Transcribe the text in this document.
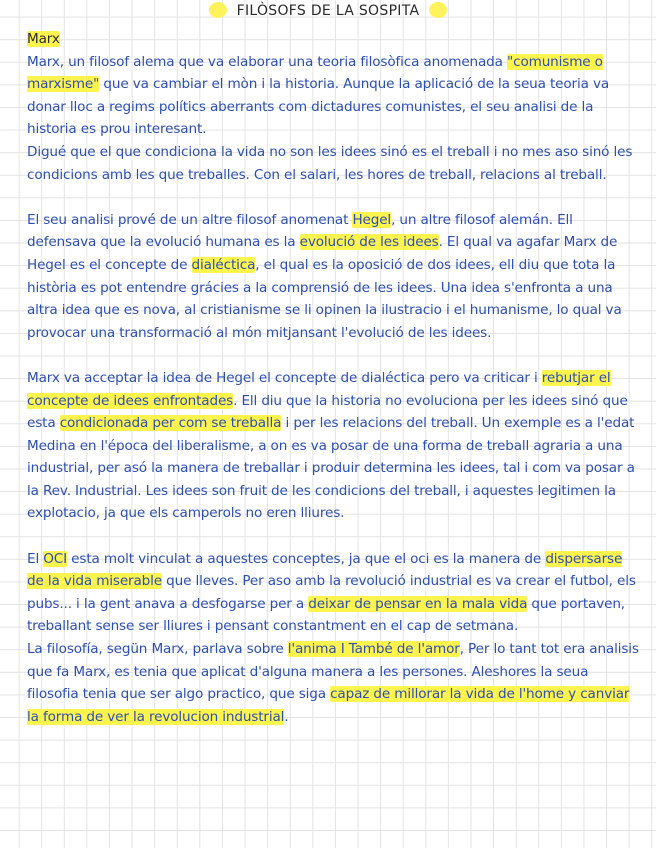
FILÒSOFS DE LA SOSPITA

Marx

Marx, un filosof alema que va elaborar una teoria filosòfica anomenada "comunisme o marxisme" que va cambiar el mòn i la historia. Aunque la aplicació de la seua teoria va donar lloc a regims polítics aberrants com dictadures comunistes, el seu analisi de la historia es prou interesant.

Digué que el que condiciona la vida no son les idees sinó es el treball i no mes aso sinó les condicions amb les que treballes. Con el salari, les hores de treball, relacions al treball.

El seu analisi prové de un altre filosof anomenat Hegel, un altre filosof alemán. Ell defensava que la evolució humana es la evolució de les idees. El qual va agafar Marx de Hegel es el concepte de dialéctica, el qual es la oposició de dos idees, ell diu que tota la història es pot entendre grácies a la comprensió de les idees. Una idea s'enfronta a una altra idea que es nova, al cristianisme se li opinen la ilustracio i el humanisme, lo qual va provocar una transformació al món mitjansant l'evolució de les idees.

Marx va acceptar la idea de Hegel el concepte de dialéctica pero va criticar i rebutjar el concepte de idees enfrontades. Ell diu que la historia no evoluciona per les idees sinó que esta condicionada per com se treballa i per les relacions del treball. Un exemple es a l'edat Medina en l'época del liberalisme, a on es va posar de una forma de treball agraria a una industrial, per asó la manera de treballar i produir determina les idees, tal i com va posar a la Rev. Industrial. Les idees son fruit de les condicions del treball, i aquestes legitimen la explotacio, ja que els camperols no eren lliures.

El OCI esta molt vinculat a aquestes conceptes, ja que el oci es la manera de dispersarse de la vida miserable que lleves. Per aso amb la revolució industrial es va crear el futbol, els pubs... i la gent anava a desfogarse per a deixar de pensar en la mala vida que portaven, treballant sense ser lliures i pensant constantment en el cap de setmana.

La filosofía, segün Marx, parlava sobre l'anima I També de l'amor, Per lo tant tot era analisis que fa Marx, es tenia que aplicat d'alguna manera a les persones. Aleshores la seua filosofia tenia que ser algo practico, que siga capaz de millorar la vida de l'home y canviar la forma de ver la revolucion industrial.
